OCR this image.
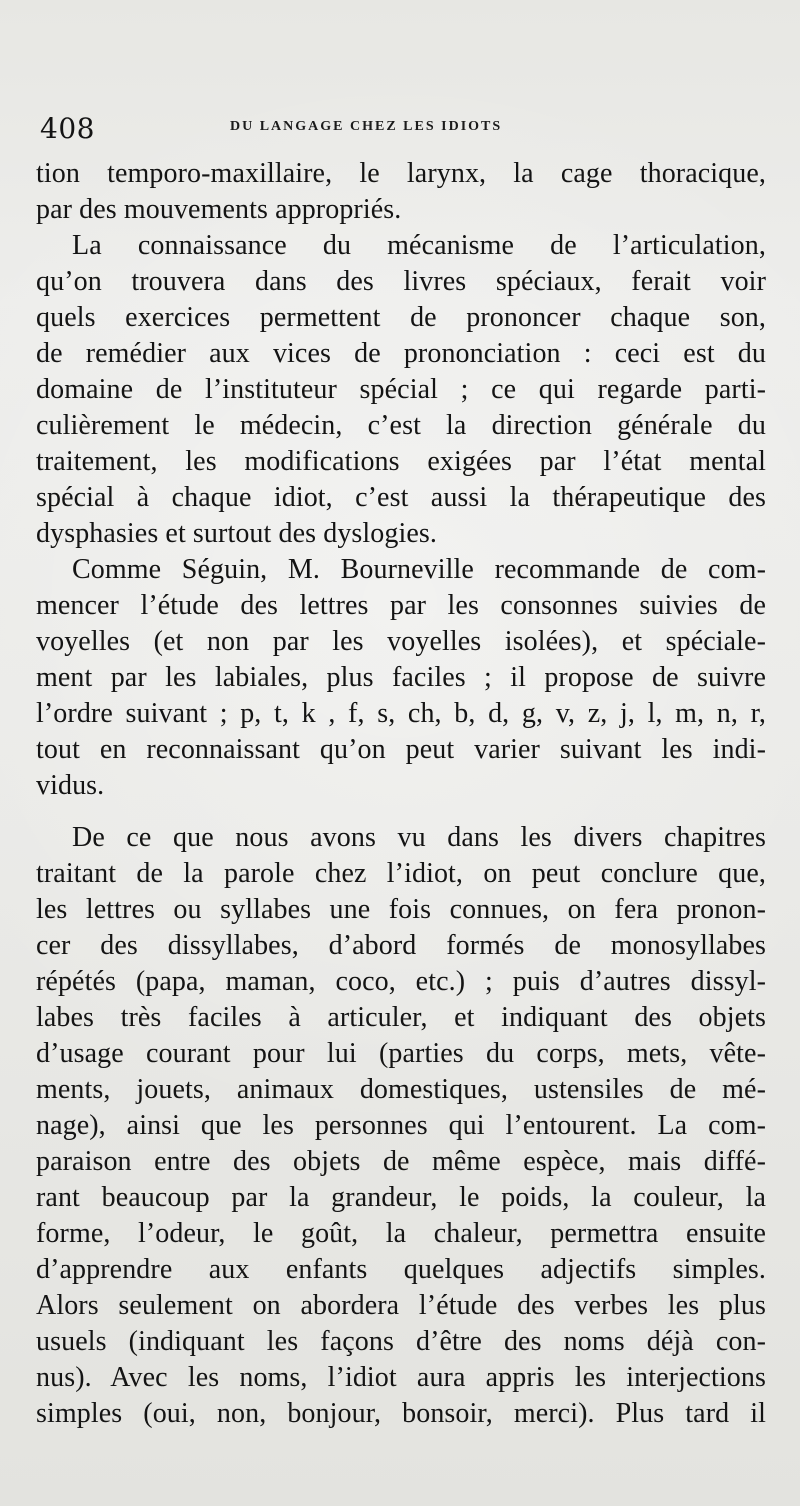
408	DU LANGAGE CHEZ LES IDIOTS
tion temporo-maxillaire, le larynx, la cage thoracique,
par des mouvements appropriés.
La connaissance du mécanisme de l’articulation,
qu’on trouvera dans des livres spéciaux, ferait voir
quels exercices permettent de prononcer chaque son,
de remédier aux vices de prononciation : ceci est du
domaine de l’instituteur spécial ; ce qui regarde parti-
culièrement le médecin, c’est la direction générale du
traitement, les modifications exigées par l’état mental
spécial à chaque idiot, c’est aussi la thérapeutique des
dysphasies et surtout des dyslogies.
Comme Séguin, M. Bourneville recommande de com-
mencer l’étude des lettres par les consonnes suivies de
voyelles (et non par les voyelles isolées), et spéciale-
ment par les labiales, plus faciles ; il propose de suivre
l’ordre suivant ; p, t, k , f, s, ch, b, d, g, v, z, j, l, m, n, r,
tout en reconnaissant qu’on peut varier suivant les indi-
vidus.
De ce que nous avons vu dans les divers chapitres
traitant de la parole chez l’idiot, on peut conclure que,
les lettres ou syllabes une fois connues, on fera pronon-
cer des dissyllabes, d’abord formés de monosyllabes
répétés (papa, maman, coco, etc.) ; puis d’autres dissyl-
labes très faciles à articuler, et indiquant des objets
d’usage courant pour lui (parties du corps, mets, vête-
ments, jouets, animaux domestiques, ustensiles de mé-
nage), ainsi que les personnes qui l’entourent. La com-
paraison entre des objets de même espèce, mais diffé-
rant beaucoup par la grandeur, le poids, la couleur, la
forme, l’odeur, le goût, la chaleur, permettra ensuite
d’apprendre aux enfants quelques adjectifs simples.
Alors seulement on abordera l’étude des verbes les plus
usuels (indiquant les façons d’être des noms déjà con-
nus). Avec les noms, l’idiot aura appris les interjections
simples (oui, non, bonjour, bonsoir, merci). Plus tard il
